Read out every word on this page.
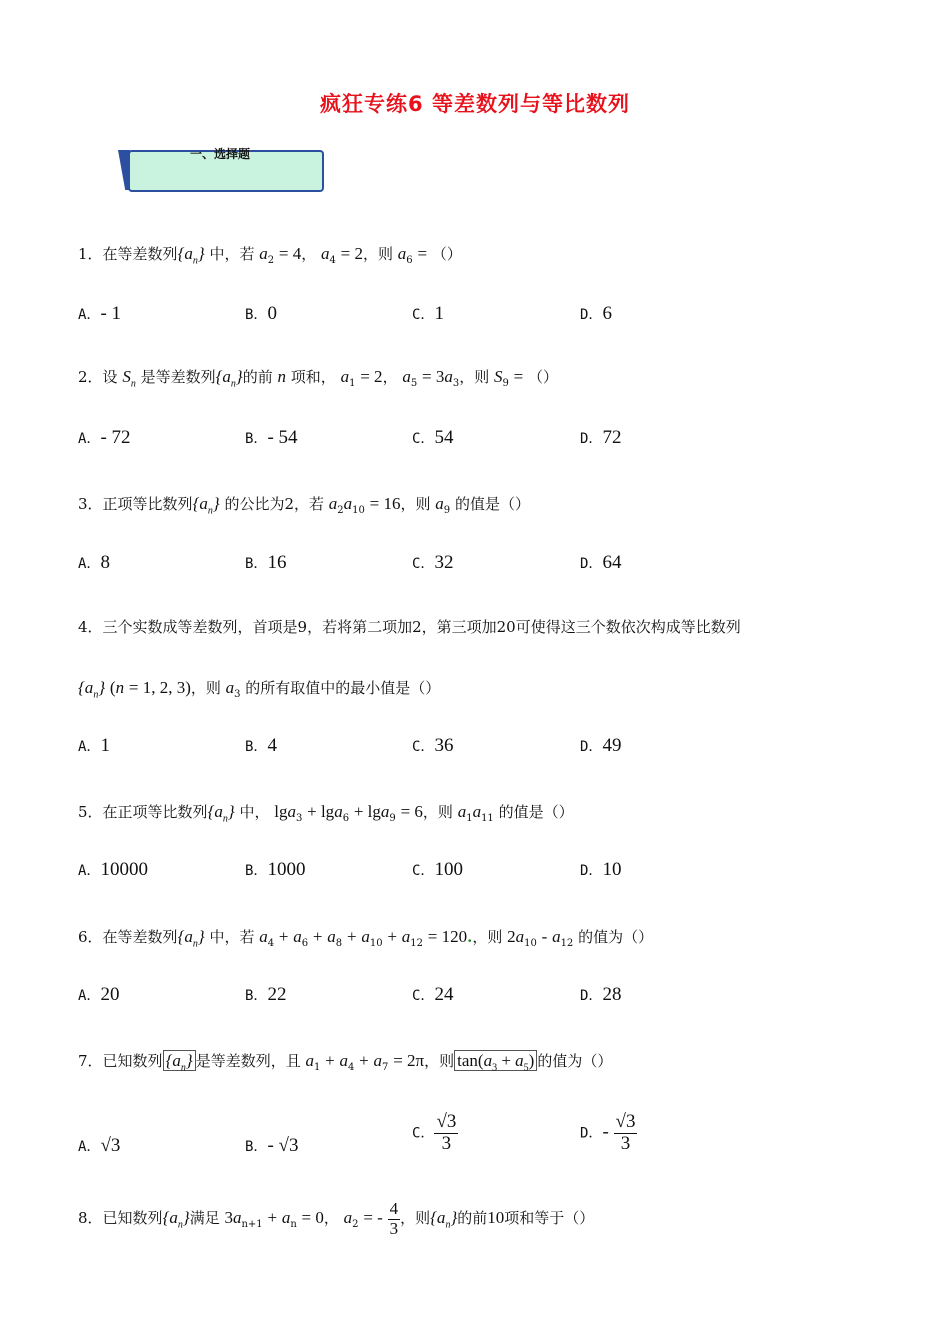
疯狂专练6 等差数列与等比数列
一、选择题
1．在等差数列$\{a_n\}$ 中，若 $a_2 = 4$， $a_4 = 2$，则 $a_6$ = （）
A．- 1	B．0	C．1	D．6
2．设 $S_n$ 是等差数列$\{a_n\}$的前 n 项和， $a_1 = 2$， $a_5 = 3a_3$，则 $S_9$ = （）
A．- 72	B．- 54	C．54	D．72
3．正项等比数列$\{a_n\}$ 的公比为2，若 $a_2a_{10} = 16$，则 $a_9$ 的值是（）
A．8	B．16	C．32	D．64
4．三个实数成等差数列，首项是9，若将第二项加2，第三项加20可使得这三个数依次构成等比数列
$\{a_n\} (n = 1$, 2, 3)，则 $a_3$ 的所有取值中的最小值是（）
A．1	B．4	C．36	D．49
5．在正项等比数列$\{a_n\}$ 中， lga$_3$ + lga$_6$ + lga$_9$ = 6，则 $a_1a_{11}$ 的值是（）
A．10000	B．1000	C．100	D．10
6．在等差数列$\{a_n\}$ 中，若 $a_4 + a_6 + a_8 + a_{10} + a_{12} = 120$.，则 $2a_{10} - a_{12}$ 的值为（）
A．20	B．22	C．24	D．28
7．已知数列 $\{a_n\}$ 是等差数列，且 $a_1 + a_4 + a_7 = 2\pi$，则 $\tan(a_3 + a_5)$ 的值为（）
A．√3	B．- √3
C． $\frac{√3}{3}$	D．- $\frac{√3}{3}$
8．已知数列$\{a_n\}$满足 $3a_{n+1} + a_n = 0$， $a_2$ = - $\frac{4}{3}$ ，则$\{a_n\}$的前10项和等于（）
